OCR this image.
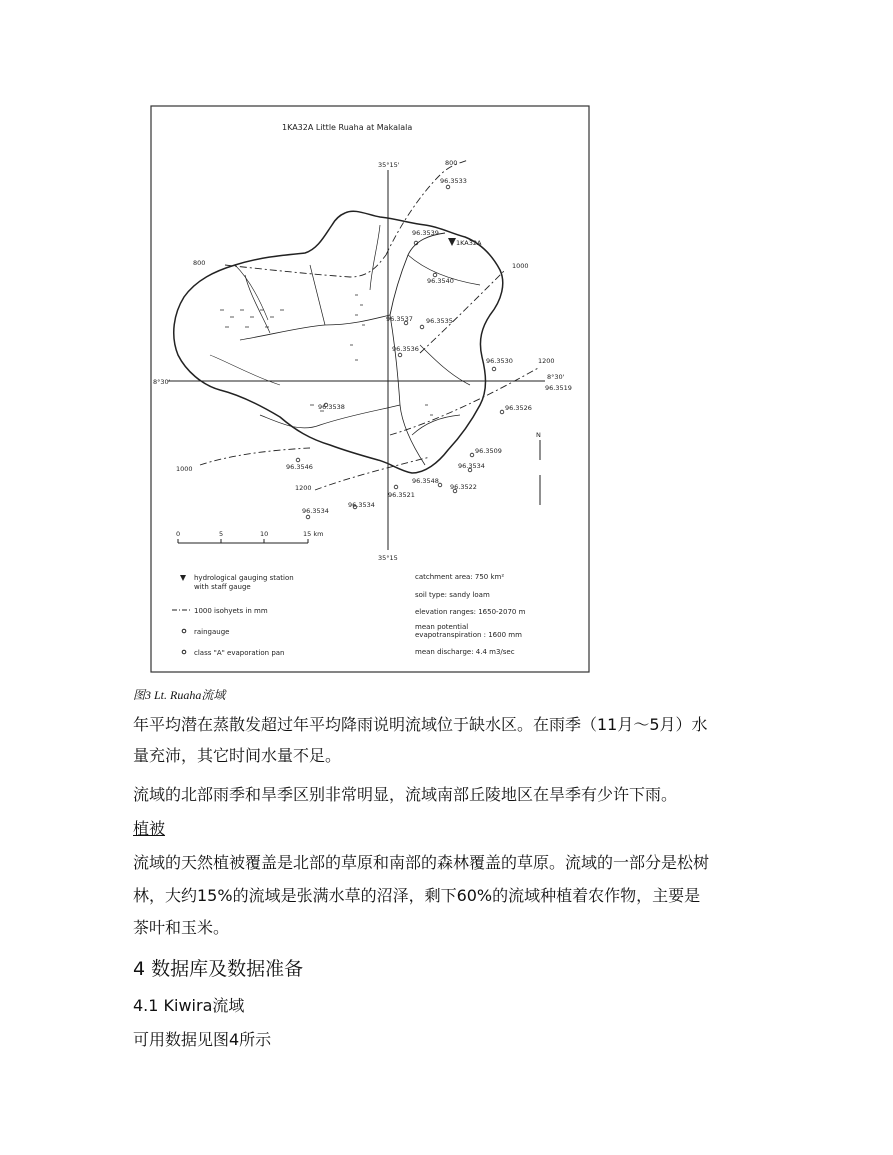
1KA32A Little Ruaha at Makalala
35°15'
35°15
8°30'
8°30'
800
800	1000
1000
1200
1200
1KA32A
96.3533
96.3539
96.3540
96.3537 96.3535
96.3536
96.3530
96.3519
96.3526
96.3538
96.3509
96.3534
96.3546
96.3548
96.3521
96.3522
96.3534
96.3534
N
0	5	10	15 km
hydrological gauging station
with staff gauge
1000 isohyets in mm
raingauge
class "A" evaporation pan
catchment area: 750 km²
soil type: sandy loam
elevation ranges: 1650-2070 m
mean potential
evapotranspiration : 1600 mm
mean discharge: 4.4 m3/sec
图3 Lt. Ruaha流域

年平均潜在蒸散发超过年平均降雨说明流域位于缺水区。在雨季（11月～5月）水

量充沛，其它时间水量不足。

流域的北部雨季和旱季区别非常明显，流域南部丘陵地区在旱季有少许下雨。

植被

流域的天然植被覆盖是北部的草原和南部的森林覆盖的草原。流域的一部分是松树

林，大约15%的流域是张满水草的沼泽，剩下60%的流域种植着农作物，主要是

茶叶和玉米。

4 数据库及数据准备
4.1 Kiwira流域
可用数据见图4所示
